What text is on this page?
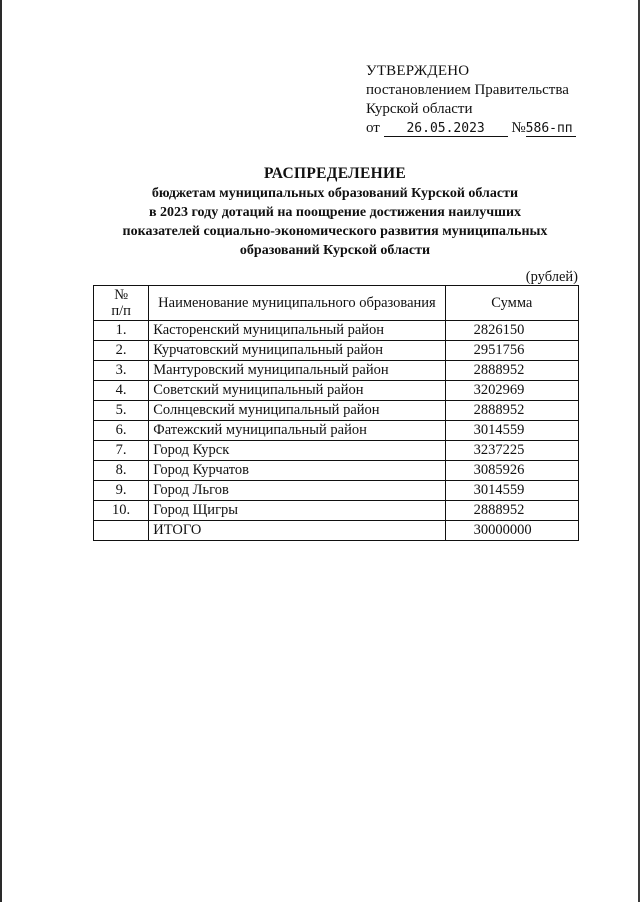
УТВЕРЖДЕНО
постановлением Правительства
Курской области
от 26.05.2023 №586-пп
РАСПРЕДЕЛЕНИЕ
бюджетам муниципальных образований Курской области
в 2023 году дотаций на поощрение достижения наилучших
показателей социально-экономического развития муниципальных
образований Курской области
(рублей)
№
п/п	Наименование муниципального образования	Сумма
1.	Касторенский муниципальный район	2826150
2.	Курчатовский муниципальный район	2951756
3.	Мантуровский муниципальный район	2888952
4.	Советский муниципальный район	3202969
5.	Солнцевский муниципальный район	2888952
6.	Фатежский муниципальный район	3014559
7.	Город Курск	3237225
8.	Город Курчатов	3085926
9.	Город Льгов	3014559
10.	Город Щигры	2888952
	ИТОГО	30000000
